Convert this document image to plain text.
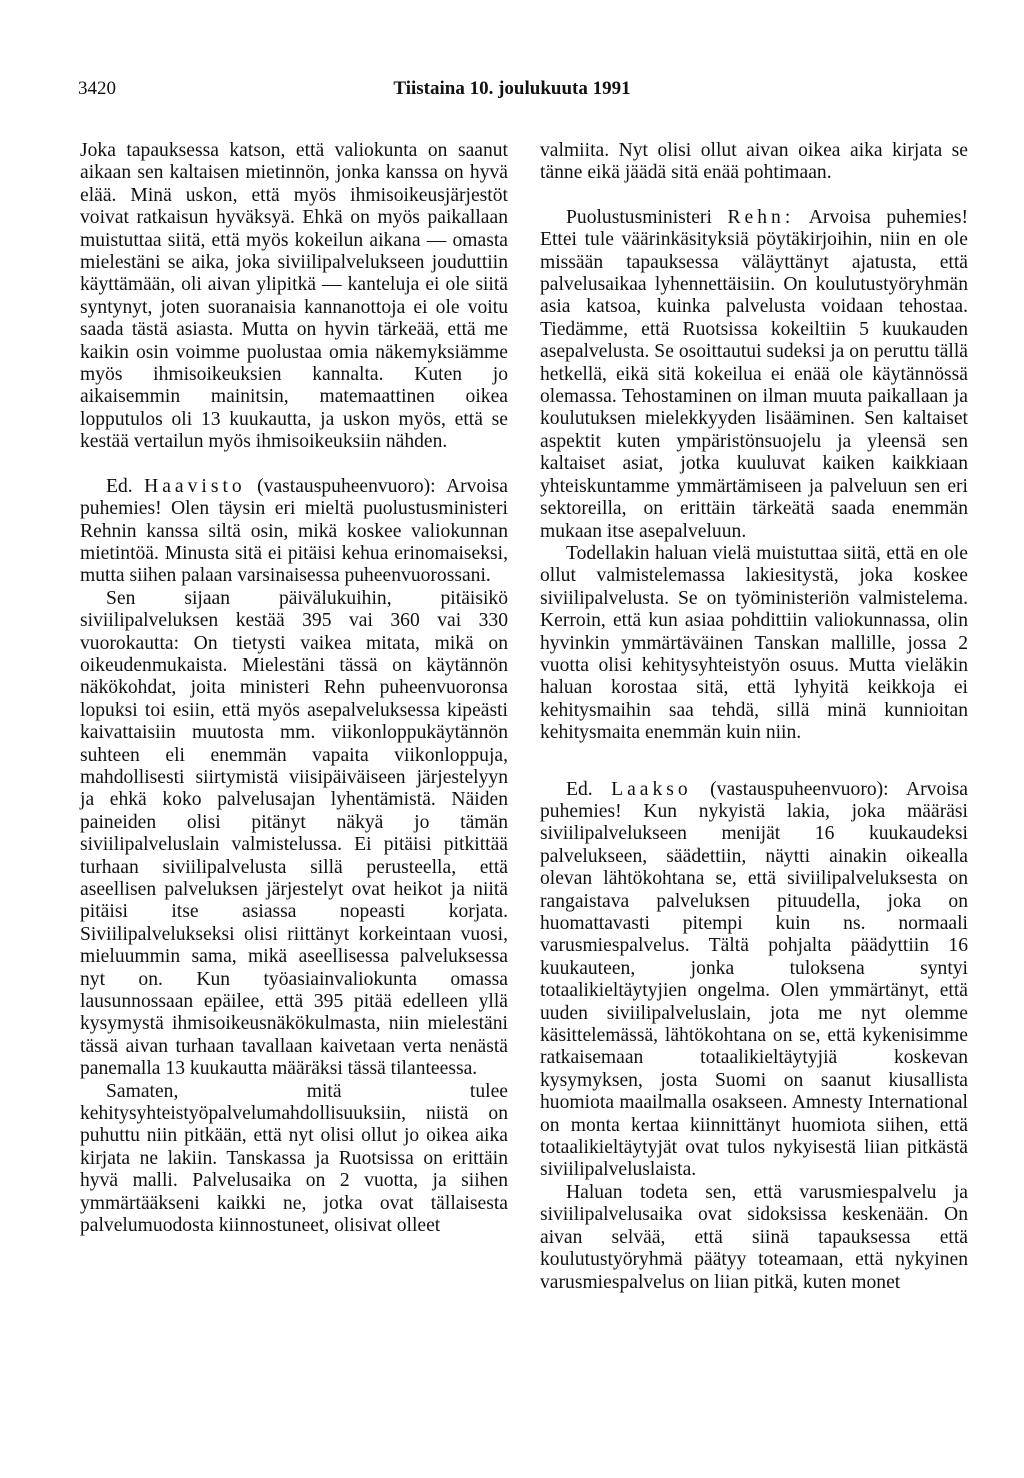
3420	Tiistaina 10. joulukuuta 1991

Joka tapauksessa katson, että valiokunta on saanut aikaan sen kaltaisen mietinnön, jonka kanssa on hyvä elää. Minä uskon, että myös ihmisoikeusjärjestöt voivat ratkaisun hyväksyä. Ehkä on myös paikallaan muistuttaa siitä, että myös kokeilun aikana — omasta mielestäni se aika, joka siviilipalvelukseen jouduttiin käyttämään, oli aivan ylipitkä — kanteluja ei ole siitä syntynyt, joten suoranaisia kannanottoja ei ole voitu saada tästä asiasta. Mutta on hyvin tärkeää, että me kaikin osin voimme puolustaa omia näkemyksiämme myös ihmisoikeuksien kannalta. Kuten jo aikaisemmin mainitsin, matemaattinen oikea lopputulos oli 13 kuukautta, ja uskon myös, että se kestää vertailun myös ihmisoikeuksiin nähden.

Ed. Haavisto (vastauspuheenvuoro): Arvoisa puhemies! Olen täysin eri mieltä puolustusministeri Rehnin kanssa siltä osin, mikä koskee valiokunnan mietintöä. Minusta sitä ei pitäisi kehua erinomaiseksi, mutta siihen palaan varsinaisessa puheenvuorossani.

Sen sijaan päivälukuihin, pitäisikö siviilipalveluksen kestää 395 vai 360 vai 330 vuorokautta: On tietysti vaikea mitata, mikä on oikeudenmukaista. Mielestäni tässä on käytännön näkökohdat, joita ministeri Rehn puheenvuoronsa lopuksi toi esiin, että myös asepalveluksessa kipeästi kaivattaisiin muutosta mm. viikonloppukäytännön suhteen eli enemmän vapaita viikonloppuja, mahdollisesti siirtymistä viisipäiväiseen järjestelyyn ja ehkä koko palvelusajan lyhentämistä. Näiden paineiden olisi pitänyt näkyä jo tämän siviilipalveluslain valmistelussa. Ei pitäisi pitkittää turhaan siviilipalvelusta sillä perusteella, että aseellisen palveluksen järjestelyt ovat heikot ja niitä pitäisi itse asiassa nopeasti korjata. Siviilipalvelukseksi olisi riittänyt korkeintaan vuosi, mieluummin sama, mikä aseellisessa palveluksessa nyt on. Kun työasiainvaliokunta omassa lausunnossaan epäilee, että 395 pitää edelleen yllä kysymystä ihmisoikeusnäkökulmasta, niin mielestäni tässä aivan turhaan tavallaan kaivetaan verta nenästä panemalla 13 kuukautta määräksi tässä tilanteessa.

Samaten, mitä tulee kehitysyhteistyöpalvelumahdollisuuksiin, niistä on puhuttu niin pitkään, että nyt olisi ollut jo oikea aika kirjata ne lakiin. Tanskassa ja Ruotsissa on erittäin hyvä malli. Palvelusaika on 2 vuotta, ja siihen ymmärtääkseni kaikki ne, jotka ovat tällaisesta palvelumuodosta kiinnostuneet, olisivat olleet

valmiita. Nyt olisi ollut aivan oikea aika kirjata se tänne eikä jäädä sitä enää pohtimaan.

Puolustusministeri Rehn: Arvoisa puhemies! Ettei tule väärinkäsityksiä pöytäkirjoihin, niin en ole missään tapauksessa väläyttänyt ajatusta, että palvelusaikaa lyhennettäisiin. On koulutustyöryhmän asia katsoa, kuinka palvelusta voidaan tehostaa. Tiedämme, että Ruotsissa kokeiltiin 5 kuukauden asepalvelusta. Se osoittautui sudeksi ja on peruttu tällä hetkellä, eikä sitä kokeilua ei enää ole käytännössä olemassa. Tehostaminen on ilman muuta paikallaan ja koulutuksen mielekkyyden lisääminen. Sen kaltaiset aspektit kuten ympäristönsuojelu ja yleensä sen kaltaiset asiat, jotka kuuluvat kaiken kaikkiaan yhteiskuntamme ymmärtämiseen ja palveluun sen eri sektoreilla, on erittäin tärkeätä saada enemmän mukaan itse asepalveluun.

Todellakin haluan vielä muistuttaa siitä, että en ole ollut valmistelemassa lakiesitystä, joka koskee siviilipalvelusta. Se on työministeriön valmistelema. Kerroin, että kun asiaa pohdittiin valiokunnassa, olin hyvinkin ymmärtäväinen Tanskan mallille, jossa 2 vuotta olisi kehitysyhteistyön osuus. Mutta vieläkin haluan korostaa sitä, että lyhyitä keikkoja ei kehitysmaihin saa tehdä, sillä minä kunnioitan kehitysmaita enemmän kuin niin.

Ed. Laakso (vastauspuheenvuoro): Arvoisa puhemies! Kun nykyistä lakia, joka määräsi siviilipalvelukseen menijät 16 kuukaudeksi palvelukseen, säädettiin, näytti ainakin oikealla olevan lähtökohtana se, että siviilipalveluksesta on rangaistava palveluksen pituudella, joka on huomattavasti pitempi kuin ns. normaali varusmiespalvelus. Tältä pohjalta päädyttiin 16 kuukauteen, jonka tuloksena syntyi totaalikieltäytyjien ongelma. Olen ymmärtänyt, että uuden siviilipalveluslain, jota me nyt olemme käsittelemässä, lähtökohtana on se, että kykenisimme ratkaisemaan totaalikieltäytyjiä koskevan kysymyksen, josta Suomi on saanut kiusallista huomiota maailmalla osakseen. Amnesty International on monta kertaa kiinnittänyt huomiota siihen, että totaalikieltäytyjät ovat tulos nykyisestä liian pitkästä siviilipalveluslaista.

Haluan todeta sen, että varusmiespalvelu ja siviilipalvelusaika ovat sidoksissa keskenään. On aivan selvää, että siinä tapauksessa että koulutustyöryhmä päätyy toteamaan, että nykyinen varusmiespalvelus on liian pitkä, kuten monet
